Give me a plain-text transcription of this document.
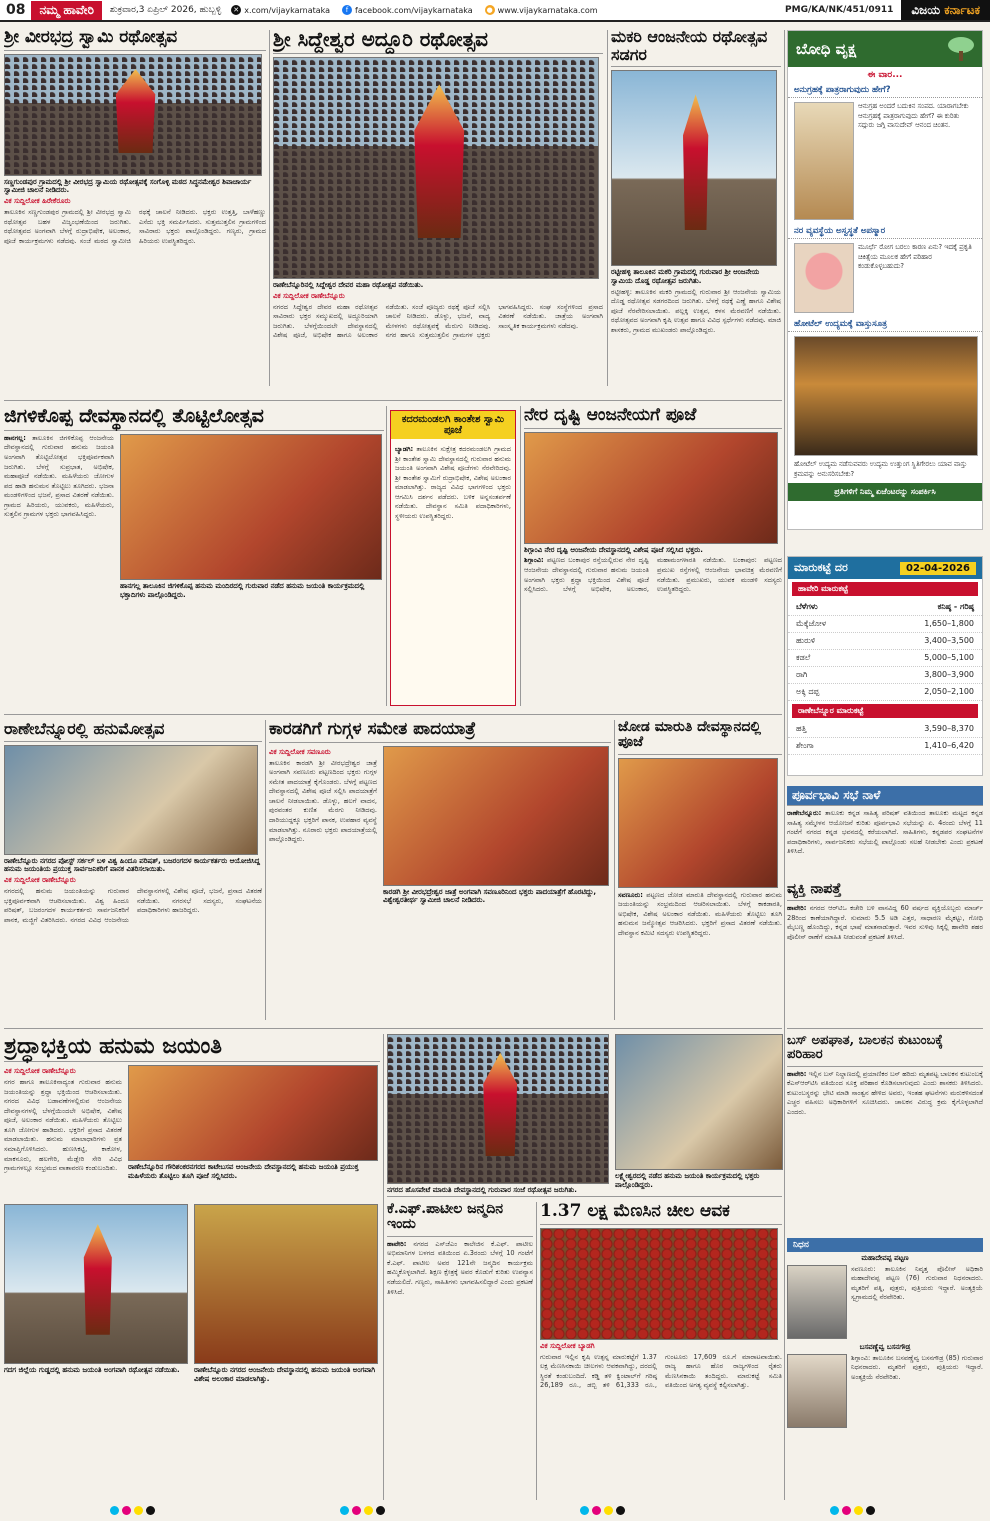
08	ನಮ್ಮ ಹಾವೇರಿ	ಶುಕ್ರವಾರ,3 ಏಪ್ರಿಲ್ 2026, ಹುಬ್ಬಳ್ಳಿ ✕ x.com/vijaykarnataka	f facebook.com/vijaykarnataka ● www.vijaykarnataka.com	PMG/KA/NK/451/0911	ವಿಜಯ ಕರ್ನಾಟಕ
ಶ್ರೀ ವೀರಭದ್ರ ಸ್ವಾಮಿ ರಥೋತ್ಸವ
ಸಣ್ಣಗುಂಡಪುರ ಗ್ರಾಮದಲ್ಲಿ ಶ್ರೀ ವೀರಭದ್ರ ಸ್ವಾಮಿಯ ರಥೋತ್ಸವಕ್ಕೆ ಸಂಗೊಳ್ಳಿ ಮಠದ ಸಿದ್ಧನಮೇಶ್ವರ ಶಿವಾಚಾರ್ಯ ಸ್ವಾಮೀಜಿ ಚಾಲನೆ ನೀಡಿದರು.
ವಿಕ ಸುದ್ದಿಲೋಕ ಹಿರೇಕೆರೂರು
ತಾಲೂಕಿನ ಸಣ್ಣಗುಂಡಪುರ ಗ್ರಾಮದಲ್ಲಿ ಶ್ರೀ ವೀರಭದ್ರ ಸ್ವಾಮಿ ರಥೋತ್ಸವ ಬಹಳ ವಿಜೃಂಭಣೆಯಿಂದ ಜರುಗಿತು. ರಥೋತ್ಸವದ ಅಂಗವಾಗಿ ಬೆಳಗ್ಗೆ ರುದ್ರಾಭಿಷೇಕ, ಅಲಂಕಾರ, ಪೂಜೆ ಕಾರ್ಯಕ್ರಮಗಳು ನಡೆದವು. ಸಂಜೆ ಮಠದ ಸ್ವಾಮೀಜಿ ರಥಕ್ಕೆ ಚಾಲನೆ ನೀಡಿದರು. ಭಕ್ತರು ಉತ್ತತ್ತಿ, ಬಾಳೆಹಣ್ಣು ಎಸೆದು ಭಕ್ತಿ ಸಮರ್ಪಿಸಿದರು. ಸುತ್ತಮುತ್ತಲಿನ ಗ್ರಾಮಗಳಿಂದ ಸಾವಿರಾರು ಭಕ್ತರು ಪಾಲ್ಗೊಂಡಿದ್ದರು. ಗಣ್ಯರು, ಗ್ರಾಮದ ಹಿರಿಯರು ಉಪಸ್ಥಿತರಿದ್ದರು.
ಶ್ರೀ ಸಿದ್ದೇಶ್ವರ ಅದ್ದೂರಿ ರಥೋತ್ಸವ
ರಾಣೇಬೆನ್ನೂರಿನಲ್ಲಿ ಸಿದ್ದೇಶ್ವರ ದೇವರ ಮಹಾ ರಥೋತ್ಸವ ನಡೆಯಿತು.
ವಿಕ ಸುದ್ದಿಲೋಕ ರಾಣೇಬೆನ್ನೂರು
ನಗರದ ಸಿದ್ದೇಶ್ವರ ದೇವರ ಮಹಾ ರಥೋತ್ಸವ ಸಾವಿರಾರು ಭಕ್ತರ ಸಮ್ಮುಖದಲ್ಲಿ ಅದ್ದೂರಿಯಾಗಿ ಜರುಗಿತು. ಬೆಳಗ್ಗೆಯಿಂದಲೇ ದೇವಸ್ಥಾನದಲ್ಲಿ ವಿಶೇಷ ಪೂಜೆ, ಅಭಿಷೇಕ ಹಾಗೂ ಅಲಂಕಾರ ನಡೆಯಿತು. ಸಂಜೆ ಪೂಜ್ಯರು ರಥಕ್ಕೆ ಪೂಜೆ ಸಲ್ಲಿಸಿ ಚಾಲನೆ ನೀಡಿದರು. ಡೊಳ್ಳು, ಭಜನೆ, ವಾದ್ಯ ಮೇಳಗಳು ರಥೋತ್ಸವಕ್ಕೆ ಮೆರುಗು ನೀಡಿದವು. ನಗರ ಹಾಗೂ ಸುತ್ತಮುತ್ತಲಿನ ಗ್ರಾಮಗಳ ಭಕ್ತರು ಭಾಗವಹಿಸಿದ್ದರು. ಸಂಘ ಸಂಸ್ಥೆಗಳಿಂದ ಪ್ರಸಾದ ವಿತರಣೆ ನಡೆಯಿತು. ಜಾತ್ರೆಯ ಅಂಗವಾಗಿ ಸಾಂಸ್ಕೃತಿಕ ಕಾರ್ಯಕ್ರಮಗಳು ನಡೆದವು.
ಮಕರಿ ಆಂಜನೇಯ ರಥೋತ್ಸವ ಸಡಗರ
ರಟ್ಟೀಹಳ್ಳಿ ತಾಲೂಕಿನ ಮಕರಿ ಗ್ರಾಮದಲ್ಲಿ ಗುರುವಾರ ಶ್ರೀ ಆಂಜನೇಯ ಸ್ವಾಮಿಯ ದೊಡ್ಡ ರಥೋತ್ಸವ ಜರುಗಿತು.
ರಟ್ಟೀಹಳ್ಳಿ: ತಾಲೂಕಿನ ಮಕರಿ ಗ್ರಾಮದಲ್ಲಿ ಗುರುವಾರ ಶ್ರೀ ಆಂಜನೇಯ ಸ್ವಾಮಿಯ ದೊಡ್ಡ ರಥೋತ್ಸವ ಸಡಗರದಿಂದ ಜರುಗಿತು. ಬೆಳಗ್ಗೆ ರಥಕ್ಕೆ ಎಣ್ಣೆ ಹಾಗೂ ವಿಶೇಷ ಪೂಜೆ ನೆರವೇರಿಸಲಾಯಿತು. ಪಲ್ಲಕ್ಕಿ ಉತ್ಸವ, ಕಳಸ ಮೆರವಣಿಗೆ ನಡೆಯಿತು. ರಥೋತ್ಸವದ ಅಂಗವಾಗಿ ಕೃಷಿ ಉತ್ಸವ ಹಾಗೂ ವಿವಿಧ ಸ್ಪರ್ಧೆಗಳು ನಡೆದವು. ಮಾಜಿ ಶಾಸಕರು, ಗ್ರಾಮದ ಮುಖಂಡರು ಪಾಲ್ಗೊಂಡಿದ್ದರು.
ಜಿಗಳಿಕೊಪ್ಪ ದೇವಸ್ಥಾನದಲ್ಲಿ ತೊಟ್ಟಿಲೋತ್ಸವ
ಹಾನಗಲ್ಲ: ತಾಲೂಕಿನ ಜಿಗಳಿಕೊಪ್ಪ ಆಂಜನೇಯ ದೇವಸ್ಥಾನದಲ್ಲಿ ಗುರುವಾರ ಹನುಮ ಜಯಂತಿ ಅಂಗವಾಗಿ ತೊಟ್ಟಿಲೋತ್ಸವ ಭಕ್ತಿಪೂರ್ವಕವಾಗಿ ಜರುಗಿತು. ಬೆಳಗ್ಗೆ ಸುಪ್ರಭಾತ, ಅಭಿಷೇಕ, ಮಹಾಪೂಜೆ ನಡೆಯಿತು. ಮಹಿಳೆಯರು ಜೋಗುಳ ಪದ ಹಾಡಿ ಹನುಮನ ತೊಟ್ಟಿಲು ತೂಗಿದರು. ಭಜನಾ ಮಂಡಳಿಗಳಿಂದ ಭಜನೆ, ಪ್ರಸಾದ ವಿತರಣೆ ನಡೆಯಿತು. ಗ್ರಾಮದ ಹಿರಿಯರು, ಯುವಕರು, ಮಹಿಳೆಯರು, ಸುತ್ತಲಿನ ಗ್ರಾಮಗಳ ಭಕ್ತರು ಭಾಗವಹಿಸಿದ್ದರು.
ಹಾನಗಲ್ಲ ತಾಲೂಕಿನ ಜಿಗಳಿಕೊಪ್ಪ ಹನುಮ ಮಂದಿರದಲ್ಲಿ ಗುರುವಾರ ನಡೆದ ಹನುಮ ಜಯಂತಿ ಕಾರ್ಯಕ್ರಮದಲ್ಲಿ ಭಕ್ತಾದಿಗಳು ಪಾಲ್ಗೊಂಡಿದ್ದರು.
ಕದರಮಂಡಲಗಿ ಕಾಂತೇಶ ಸ್ವಾಮಿ ಪೂಜೆ
ಬ್ಯಾಡಗಿ: ತಾಲೂಕಿನ ಸುಕ್ಷೇತ್ರ ಕದರಮಂಡಲಗಿ ಗ್ರಾಮದ ಶ್ರೀ ಕಾಂತೇಶ ಸ್ವಾಮಿ ದೇವಸ್ಥಾನದಲ್ಲಿ ಗುರುವಾರ ಹನುಮ ಜಯಂತಿ ಅಂಗವಾಗಿ ವಿಶೇಷ ಪೂಜೆಗಳು ನೆರವೇರಿದವು. ಶ್ರೀ ಕಾಂತೇಶ ಸ್ವಾಮಿಗೆ ರುದ್ರಾಭಿಷೇಕ, ವಿಶೇಷ ಅಲಂಕಾರ ಮಾಡಲಾಗಿತ್ತು. ರಾಜ್ಯದ ವಿವಿಧ ಭಾಗಗಳಿಂದ ಭಕ್ತರು ಆಗಮಿಸಿ ದರ್ಶನ ಪಡೆದರು. ಬಳಿಕ ಅನ್ನಸಂತರ್ಪಣೆ ನಡೆಯಿತು. ದೇವಸ್ಥಾನ ಸಮಿತಿ ಪದಾಧಿಕಾರಿಗಳು, ಸ್ಥಳೀಯರು ಉಪಸ್ಥಿತರಿದ್ದರು.
ನೇರ ದೃಷ್ಟಿ ಆಂಜನೇಯಗೆ ಪೂಜೆ
ಶಿಗ್ಗಾಂವಿ ನೇರ ದೃಷ್ಟಿ ಆಂಜನೇಯ ದೇವಸ್ಥಾನದಲ್ಲಿ ವಿಶೇಷ ಪೂಜೆ ಸಲ್ಲಿಸಿದ ಭಕ್ತರು.
ಶಿಗ್ಗಾಂವಿ: ಪಟ್ಟಣದ ಬಂಕಾಪುರ ರಸ್ತೆಯಲ್ಲಿರುವ ನೇರ ದೃಷ್ಟಿ ಆಂಜನೇಯ ದೇವಸ್ಥಾನದಲ್ಲಿ ಗುರುವಾರ ಹನುಮ ಜಯಂತಿ ಅಂಗವಾಗಿ ಭಕ್ತರು ಶ್ರದ್ಧಾ ಭಕ್ತಿಯಿಂದ ವಿಶೇಷ ಪೂಜೆ ಸಲ್ಲಿಸಿದರು. ಬೆಳಗ್ಗೆ ಅಭಿಷೇಕ, ಅಲಂಕಾರ, ಮಹಾಮಂಗಳಾರತಿ ನಡೆಯಿತು. ಬಂಕಾಪುರ: ಪಟ್ಟಣದ ಪ್ರಮುಖ ರಸ್ತೆಗಳಲ್ಲಿ ಆಂಜನೇಯ ಭಾವಚಿತ್ರ ಮೆರವಣಿಗೆ ನಡೆಯಿತು. ಪ್ರಮುಖರು, ಯುವಕ ಮಂಡಳಿ ಸದಸ್ಯರು ಉಪಸ್ಥಿತರಿದ್ದರು.
ರಾಣೇಬೆನ್ನೂರಲ್ಲಿ ಹನುಮೋತ್ಸವ
ರಾಣೇಬೆನ್ನೂರು ನಗರದ ಪೋಸ್ಟ್ ಸರ್ಕಲ್ ಬಳಿ ವಿಶ್ವ ಹಿಂದೂ ಪರಿಷತ್, ಬಜರಂಗದಳ ಕಾರ್ಯಕರ್ತರು ಆಯೋಜಿಸಿದ್ದ ಹನುಮ ಜಯಂತಿಯ ಪ್ರಯುಕ್ತ ಸಾರ್ವಜನಿಕರಿಗೆ ಪಾನಕ ವಿತರಿಸಲಾಯಿತು.
ವಿಕ ಸುದ್ದಿಲೋಕ ರಾಣೇಬೆನ್ನೂರು
ನಗರದಲ್ಲಿ ಹನುಮ ಜಯಂತಿಯನ್ನು ಗುರುವಾರ ಭಕ್ತಿಪೂರ್ವಕವಾಗಿ ಆಚರಿಸಲಾಯಿತು. ವಿಶ್ವ ಹಿಂದೂ ಪರಿಷತ್, ಬಜರಂಗದಳ ಕಾರ್ಯಕರ್ತರು ಸಾರ್ವಜನಿಕರಿಗೆ ಪಾನಕ, ಮಜ್ಜಿಗೆ ವಿತರಿಸಿದರು. ನಗರದ ವಿವಿಧ ಆಂಜನೇಯ ದೇವಸ್ಥಾನಗಳಲ್ಲಿ ವಿಶೇಷ ಪೂಜೆ, ಭಜನೆ, ಪ್ರಸಾದ ವಿತರಣೆ ನಡೆಯಿತು. ನಗರಸಭೆ ಸದಸ್ಯರು, ಸಂಘಟನೆಯ ಪದಾಧಿಕಾರಿಗಳು ಹಾಜರಿದ್ದರು.
ಕಾರಡಗಿಗೆ ಗುಗ್ಗಳ ಸಮೇತ ಪಾದಯಾತ್ರೆ
ವಿಕ ಸುದ್ದಿಲೋಕ ಸವಣೂರು
ತಾಲೂಕಿನ ಕಾರಡಗಿ ಶ್ರೀ ವೀರಭದ್ರೇಶ್ವರ ಜಾತ್ರೆ ಅಂಗವಾಗಿ ಸವಣೂರು ಪಟ್ಟಣದಿಂದ ಭಕ್ತರು ಗುಗ್ಗಳ ಸಮೇತ ಪಾದಯಾತ್ರೆ ಕೈಗೊಂಡರು. ಬೆಳಗ್ಗೆ ಪಟ್ಟಣದ ದೇವಸ್ಥಾನದಲ್ಲಿ ವಿಶೇಷ ಪೂಜೆ ಸಲ್ಲಿಸಿ ಪಾದಯಾತ್ರೆಗೆ ಚಾಲನೆ ನೀಡಲಾಯಿತು. ಡೊಳ್ಳು, ಹಲಗೆ ವಾದನ, ಪುರವಂತರ ಕುಣಿತ ಮೆರಗು ನೀಡಿದವು. ದಾರಿಯುದ್ದಕ್ಕೂ ಭಕ್ತರಿಗೆ ಪಾನಕ, ಉಪಹಾರ ವ್ಯವಸ್ಥೆ ಮಾಡಲಾಗಿತ್ತು. ನೂರಾರು ಭಕ್ತರು ಪಾದಯಾತ್ರೆಯಲ್ಲಿ ಪಾಲ್ಗೊಂಡಿದ್ದರು.
ಕಾರಡಗಿ ಶ್ರೀ ವೀರಭದ್ರೇಶ್ವರ ಜಾತ್ರೆ ಅಂಗವಾಗಿ ಸವಣೂರಿನಿಂದ ಭಕ್ತರು ಪಾದಯಾತ್ರೆಗೆ ಹೊರಟಿದ್ದು, ವಿಶ್ವೇಶ್ವರತೀರ್ಥ ಸ್ವಾಮೀಜಿ ಚಾಲನೆ ನೀಡಿದರು.
ಜೋಡ ಮಾರುತಿ ದೇವಸ್ಥಾನದಲ್ಲಿ ಪೂಜೆ
ಸವಣೂರು: ಪಟ್ಟಣದ ಜೋಡ ಮಾರುತಿ ದೇವಸ್ಥಾನದಲ್ಲಿ ಗುರುವಾರ ಹನುಮ ಜಯಂತಿಯನ್ನು ಸಂಭ್ರಮದಿಂದ ಆಚರಿಸಲಾಯಿತು. ಬೆಳಗ್ಗೆ ಕಾಕಡಾರತಿ, ಅಭಿಷೇಕ, ವಿಶೇಷ ಅಲಂಕಾರ ನಡೆಯಿತು. ಮಹಿಳೆಯರು ತೊಟ್ಟಿಲು ತೂಗಿ ಹನುಮನ ಜನ್ಮೋತ್ಸವ ಆಚರಿಸಿದರು. ಭಕ್ತರಿಗೆ ಪ್ರಸಾದ ವಿತರಣೆ ನಡೆಯಿತು. ದೇವಸ್ಥಾನ ಕಮಿಟಿ ಸದಸ್ಯರು ಉಪಸ್ಥಿತರಿದ್ದರು.
ಶ್ರದ್ಧಾಭಕ್ತಿಯ ಹನುಮ ಜಯಂತಿ
ವಿಕ ಸುದ್ದಿಲೋಕ ರಾಣೇಬೆನ್ನೂರು
ನಗರ ಹಾಗೂ ತಾಲೂಕಿನಾದ್ಯಂತ ಗುರುವಾರ ಹನುಮ ಜಯಂತಿಯನ್ನು ಶ್ರದ್ಧಾ ಭಕ್ತಿಯಿಂದ ಆಚರಿಸಲಾಯಿತು. ನಗರದ ವಿವಿಧ ಬಡಾವಣೆಗಳಲ್ಲಿರುವ ಆಂಜನೇಯ ದೇವಸ್ಥಾನಗಳಲ್ಲಿ ಬೆಳಗ್ಗೆಯಿಂದಲೇ ಅಭಿಷೇಕ, ವಿಶೇಷ ಪೂಜೆ, ಅಲಂಕಾರ ನಡೆಯಿತು. ಮಹಿಳೆಯರು ತೊಟ್ಟಿಲು ತೂಗಿ ಜೋಗುಳ ಹಾಡಿದರು. ಭಕ್ತರಿಗೆ ಪ್ರಸಾದ ವಿತರಣೆ ಮಾಡಲಾಯಿತು. ಹನುಮ ಮಾಲಾಧಾರಿಗಳು ವ್ರತ ಸಮಾಪ್ತಿಗೊಳಿಸಿದರು. ಹುಣಸಿಕಟ್ಟಿ, ಕಾಕೋಳ, ಮಾಕನೂರು, ಹಲಗೇರಿ, ಮೆಡ್ಲೇರಿ ಸೇರಿ ವಿವಿಧ ಗ್ರಾಮಗಳಲ್ಲೂ ಸಂಭ್ರಮದ ವಾತಾವರಣ ಕಂಡುಬಂದಿತು.	ರಾಣೇಬೆನ್ನೂರಿನ ಗೌರಿಶಂಕರನಗರದ ಕಾಟೇಬಸವ ಆಂಜನೇಯ ದೇವಸ್ಥಾನದಲ್ಲಿ ಹನುಮ ಜಯಂತಿ ಪ್ರಯುಕ್ತ ಮಹಿಳೆಯರು ತೊಟ್ಟಿಲು ತೂಗಿ ಪೂಜೆ ಸಲ್ಲಿಸಿದರು.
ಗದಗ ಜಿಲ್ಲೆಯ ಗುಡ್ಡದಲ್ಲಿ ಹನುಮ ಜಯಂತಿ ಅಂಗವಾಗಿ ರಥೋತ್ಸವ ನಡೆಯಿತು.	ರಾಣೇಬೆನ್ನೂರು ನಗರದ ಆಂಜನೇಯ ದೇವಸ್ಥಾನದಲ್ಲಿ ಹನುಮ ಜಯಂತಿ ಅಂಗವಾಗಿ ವಿಶೇಷ ಅಲಂಕಾರ ಮಾಡಲಾಗಿತ್ತು.
ನಗರದ ಹೊಸಪೇಟೆ ಮಾರುತಿ ದೇವಸ್ಥಾನದಲ್ಲಿ ಗುರುವಾರ ಸಂಜೆ ರಥೋತ್ಸವ ಜರುಗಿತು.
ಲಕ್ಷ್ಮೇಶ್ವರದಲ್ಲಿ ನಡೆದ ಹನುಮ ಜಯಂತಿ ಕಾರ್ಯಕ್ರಮದಲ್ಲಿ ಭಕ್ತರು ಪಾಲ್ಗೊಂಡಿದ್ದರು.
ಕೆ.ಎಫ್.ಪಾಟೀಲ ಜನ್ಮದಿನ ಇಂದು
ಹಾವೇರಿ: ನಗರದ ಎಸ್‌ಜೆಎಂ ಕಾಲೇಜಿನ ಕೆ.ಎಫ್. ಪಾಟೀಲ ಅಭಿಮಾನಿಗಳ ಬಳಗದ ವತಿಯಿಂದ ಏ.3ರಂದು ಬೆಳಗ್ಗೆ 10 ಗಂಟೆಗೆ ಕೆ.ಎಫ್. ಪಾಟೀಲ ಅವರ 121ನೇ ಜನ್ಮದಿನ ಕಾರ್ಯಕ್ರಮ ಹಮ್ಮಿಕೊಳ್ಳಲಾಗಿದೆ. ಶಿಕ್ಷಣ ಕ್ಷೇತ್ರಕ್ಕೆ ಅವರ ಕೊಡುಗೆ ಕುರಿತು ಉಪನ್ಯಾಸ ನಡೆಯಲಿದೆ. ಗಣ್ಯರು, ಸಾಹಿತಿಗಳು ಭಾಗವಹಿಸಲಿದ್ದಾರೆ ಎಂದು ಪ್ರಕಟಣೆ ತಿಳಿಸಿದೆ.
1.37 ಲಕ್ಷ ಮೆಣಸಿನ ಚೀಲ ಆವಕ
ವಿಕ ಸುದ್ದಿಲೋಕ ಬ್ಯಾಡಗಿ
ಗುರುವಾರ ಇಲ್ಲಿನ ಕೃಷಿ ಉತ್ಪನ್ನ ಮಾರುಕಟ್ಟೆಗೆ 1.37 ಲಕ್ಷ ಮೆಣಸಿನಕಾಯಿ ಚೀಲಗಳು ಆವಕವಾಗಿದ್ದು, ದರದಲ್ಲಿ ಸ್ಥಿರತೆ ಕಂಡುಬಂದಿದೆ. ಕಡ್ಡಿ ತಳಿ ಕ್ವಿಂಟಾಲ್‌ಗೆ ಗರಿಷ್ಠ 26,189 ರೂ., ಡಬ್ಬಿ ತಳಿ 61,333 ರೂ., ಗುಂಟೂರು 17,609 ರೂ.ಗೆ ಮಾರಾಟವಾಯಿತು. ರಾಜ್ಯ ಹಾಗೂ ಹೊರ ರಾಜ್ಯಗಳಿಂದ ರೈತರು ಮೆಣಸಿನಕಾಯಿ ತಂದಿದ್ದರು. ಮಾರುಕಟ್ಟೆ ಸಮಿತಿ ವತಿಯಿಂದ ಅಗತ್ಯ ವ್ಯವಸ್ಥೆ ಕಲ್ಪಿಸಲಾಗಿತ್ತು.
ಬೋಧಿ ವೃಕ್ಷ
ಈ ವಾರ...
ಅನುಗ್ರಹಕ್ಕೆ ಪಾತ್ರರಾಗುವುದು ಹೇಗೆ?
ಆನುಗ್ರಹ ಅಂದರೆ ಬದುಕಿನ ಸಂಪದ. ಯಾರಾಗಬೇಕು ಆನುಗ್ರಹಕ್ಕೆ ಪಾತ್ರರಾಗುವುದು ಹೇಗೆ? ಈ ಕುರಿತು ಸದ್ಗುರು ಜಗ್ಗಿ ವಾಸುದೇವ್ ಆನಂದ ಚಿಂತನ.
ನರ ವ್ಯವಸ್ಥೆಯ ಅಸ್ವಸ್ಥತೆ ಅಪಸ್ಮಾರ
ಮೂರ್ಛೆ ರೋಗ ಬರಲು ಕಾರಣ ಏನು? ಇದಕ್ಕೆ ಪ್ರಕೃತಿ ಚಿಕಿತ್ಸೆಯ ಮೂಲಕ ಹೇಗೆ ಪರಿಹಾರ ಕಂಡುಕೊಳ್ಳಬಹುದು?
ಹೋಟೆಲ್ ಉದ್ಯಮಕ್ಕೆ ವಾಸ್ತುಸೂತ್ರ
ಹೋಟೆಲ್ ಉದ್ಯಮ ನಡೆಸುವವರು ಉದ್ಯಮ ಉತ್ತುಂಗ ಸ್ಥಿತಿಗೇರಲು ಯಾವ ವಾಸ್ತು ಕ್ರಮವನ್ನು ಅನುಸರಿಸಬೇಕು?
ಪ್ರತಿಗಳಿಗೆ ನಿಮ್ಮ ಏಜೆಂಟರನ್ನು ಸಂಪರ್ಕಿಸಿ
ಮಾರುಕಟ್ಟೆ ದರ	02-04-2026
ಹಾವೇರಿ ಮಾರುಕಟ್ಟೆ
ಬೆಳೆಗಳು	ಕನಿಷ್ಠ - ಗರಿಷ್ಠ
ಮೆಕ್ಕೆಜೋಳ	1,650–1,800
ಹುರುಳಿ	3,400–3,500
ಕಡಲೆ	5,000–5,100
ರಾಗಿ	3,800–3,900
ಅಕ್ಕಿ ದಪ್ಪ	2,050–2,100
ರಾಣೇಬೆನ್ನೂರ ಮಾರುಕಟ್ಟೆ
ಹತ್ತಿ	3,590–8,370
ಶೇಂಗಾ	1,410–6,420
ಪೂರ್ವಭಾವಿ ಸಭೆ ನಾಳೆ
ರಾಣೇಬೆನ್ನೂರು: ತಾಲೂಕು ಕನ್ನಡ ಸಾಹಿತ್ಯ ಪರಿಷತ್ ವತಿಯಿಂದ ತಾಲೂಕು ಮಟ್ಟದ ಕನ್ನಡ ಸಾಹಿತ್ಯ ಸಮ್ಮೇಳನ ಆಯೋಜನೆ ಕುರಿತು ಪೂರ್ವಭಾವಿ ಸಭೆಯನ್ನು ಏ. 4ರಂದು ಬೆಳಗ್ಗೆ 11 ಗಂಟೆಗೆ ನಗರದ ಕನ್ನಡ ಭವನದಲ್ಲಿ ಕರೆಯಲಾಗಿದೆ. ಸಾಹಿತಿಗಳು, ಕನ್ನಡಪರ ಸಂಘಟನೆಗಳ ಪದಾಧಿಕಾರಿಗಳು, ಸಾರ್ವಜನಿಕರು ಸಭೆಯಲ್ಲಿ ಪಾಲ್ಗೊಂಡು ಸಲಹೆ ನೀಡಬೇಕು ಎಂದು ಪ್ರಕಟಣೆ ತಿಳಿಸಿದೆ.
ವ್ಯಕ್ತಿ ನಾಪತ್ತೆ
ಹಾವೇರಿ: ನಗರದ ಆರ್‌ಟಿಒ ಕಚೇರಿ ಬಳಿ ವಾಸವಿದ್ದ 60 ವರ್ಷದ ವ್ಯಕ್ತಿಯೊಬ್ಬರು ಮಾರ್ಚ್ 28ರಿಂದ ಕಾಣೆಯಾಗಿದ್ದಾರೆ. ಸುಮಾರು 5.5 ಅಡಿ ಎತ್ತರ, ಸಾಧಾರಣ ಮೈಕಟ್ಟು, ಗೋಧಿ ಮೈಬಣ್ಣ ಹೊಂದಿದ್ದು, ಕನ್ನಡ ಭಾಷೆ ಮಾತನಾಡುತ್ತಾರೆ. ಇವರ ಸುಳಿವು ಸಿಕ್ಕಲ್ಲಿ ಹಾವೇರಿ ಶಹರ ಪೊಲೀಸ್ ಠಾಣೆಗೆ ಮಾಹಿತಿ ನೀಡುವಂತೆ ಪ್ರಕಟಣೆ ತಿಳಿಸಿದೆ.
ಬಸ್ ಅಪಘಾತ, ಬಾಲಕನ ಕುಟುಂಬಕ್ಕೆ ಪರಿಹಾರ
ಹಾವೇರಿ: ಇಲ್ಲಿನ ಬಸ್ ನಿಲ್ದಾಣದಲ್ಲಿ ಪ್ರಯಾಣಿಕರ ಬಸ್ ಹರಿದು ಮೃತಪಟ್ಟ ಬಾಲಕನ ಕುಟುಂಬಕ್ಕೆ ಕೆಎಸ್‌ಆರ್‌ಟಿಸಿ ವತಿಯಿಂದ ಸೂಕ್ತ ಪರಿಹಾರ ಕೊಡಿಸಲಾಗುವುದು ಎಂದು ಶಾಸಕರು ತಿಳಿಸಿದರು. ಕುಟುಂಬಸ್ಥರನ್ನು ಭೇಟಿ ಮಾಡಿ ಸಾಂತ್ವನ ಹೇಳಿದ ಅವರು, ಇಂತಹ ಘಟನೆಗಳು ಮರುಕಳಿಸದಂತೆ ಎಚ್ಚರ ವಹಿಸಲು ಅಧಿಕಾರಿಗಳಿಗೆ ಸೂಚಿಸಿದರು. ಚಾಲಕನ ವಿರುದ್ಧ ಕ್ರಮ ಕೈಗೊಳ್ಳಲಾಗಿದೆ ಎಂದರು.
ನಿಧನ
ಮಹಾದೇವಪ್ಪ ಪಟ್ಟಣ
ಸವಣೂರು: ತಾಲೂಕಿನ ನಿವೃತ್ತ ಪೊಲೀಸ್ ಅಧಿಕಾರಿ ಮಹಾದೇವಪ್ಪ ಪಟ್ಟಣ (76) ಗುರುವಾರ ನಿಧನರಾದರು. ಮೃತರಿಗೆ ಪತ್ನಿ, ಪುತ್ರರು, ಪುತ್ರಿಯರು ಇದ್ದಾರೆ. ಅಂತ್ಯಕ್ರಿಯೆ ಸ್ವಗ್ರಾಮದಲ್ಲಿ ನೆರವೇರಿತು.
ಬಸವಣ್ಣೆವ್ವ ಬಸನಗೌಡ್ರ
ಶಿಗ್ಗಾಂವಿ: ತಾಲೂಕಿನ ಬಸವಣ್ಣೆವ್ವ ಬಸನಗೌಡ್ರ (85) ಗುರುವಾರ ನಿಧನರಾದರು. ಮೃತರಿಗೆ ಪುತ್ರರು, ಪುತ್ರಿಯರು ಇದ್ದಾರೆ. ಅಂತ್ಯಕ್ರಿಯೆ ನೆರವೇರಿತು.
